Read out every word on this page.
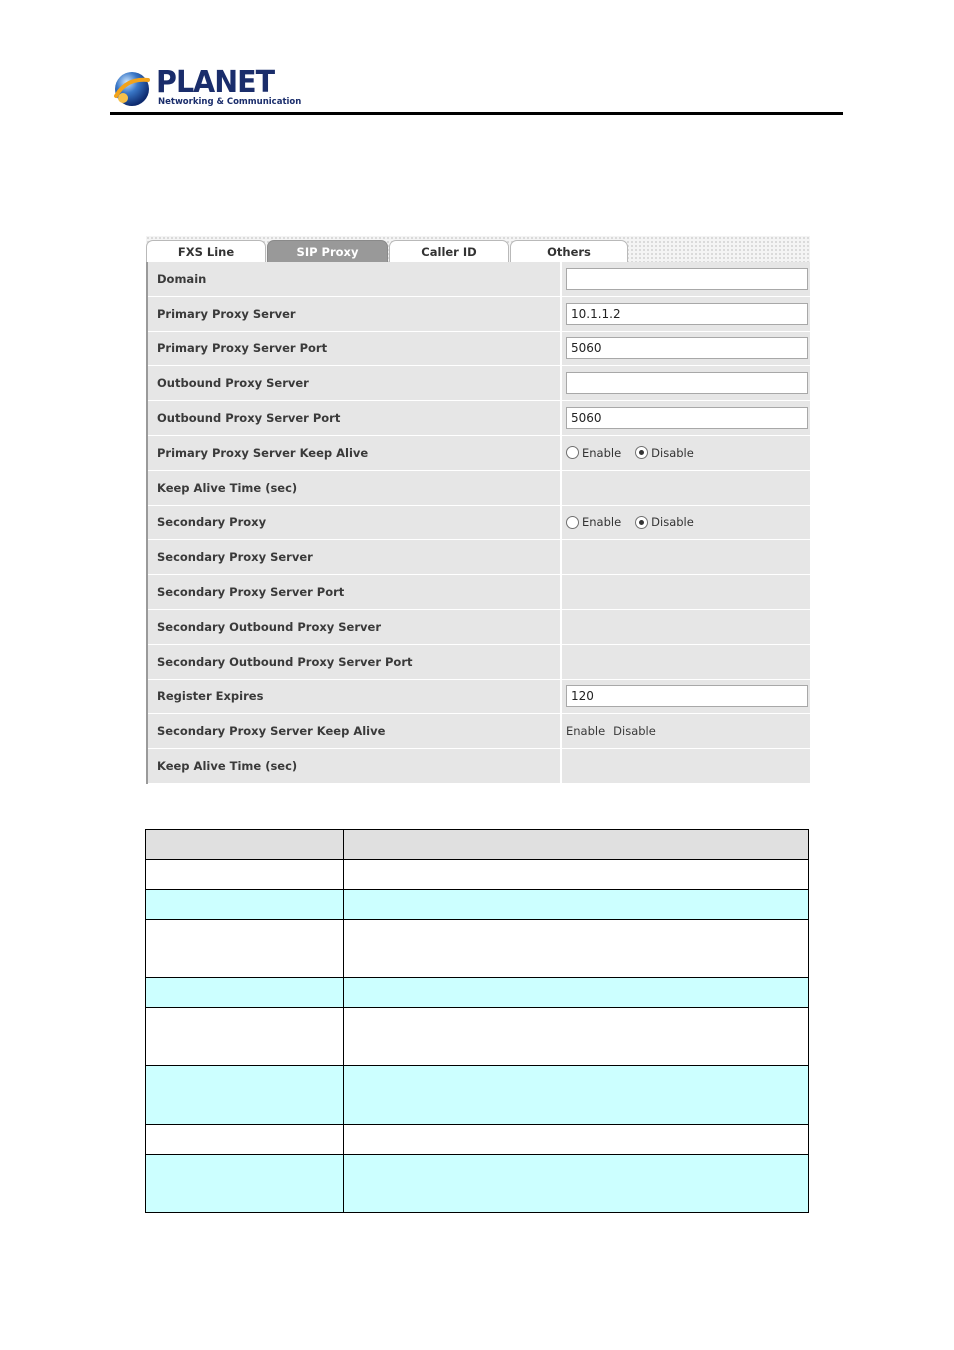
PLANET
Networking & Communication
FXS Line	SIP Proxy	Caller ID	Others
Domain
Primary Proxy Server	10.1.1.2
Primary Proxy Server Port	5060
Outbound Proxy Server
Outbound Proxy Server Port	5060
Primary Proxy Server Keep Alive	Enable	Disable
Keep Alive Time (sec)
Secondary Proxy	Enable	Disable
Secondary Proxy Server
Secondary Proxy Server Port
Secondary Outbound Proxy Server
Secondary Outbound Proxy Server Port
Register Expires	120
Secondary Proxy Server Keep Alive	Enable Disable
Keep Alive Time (sec)
